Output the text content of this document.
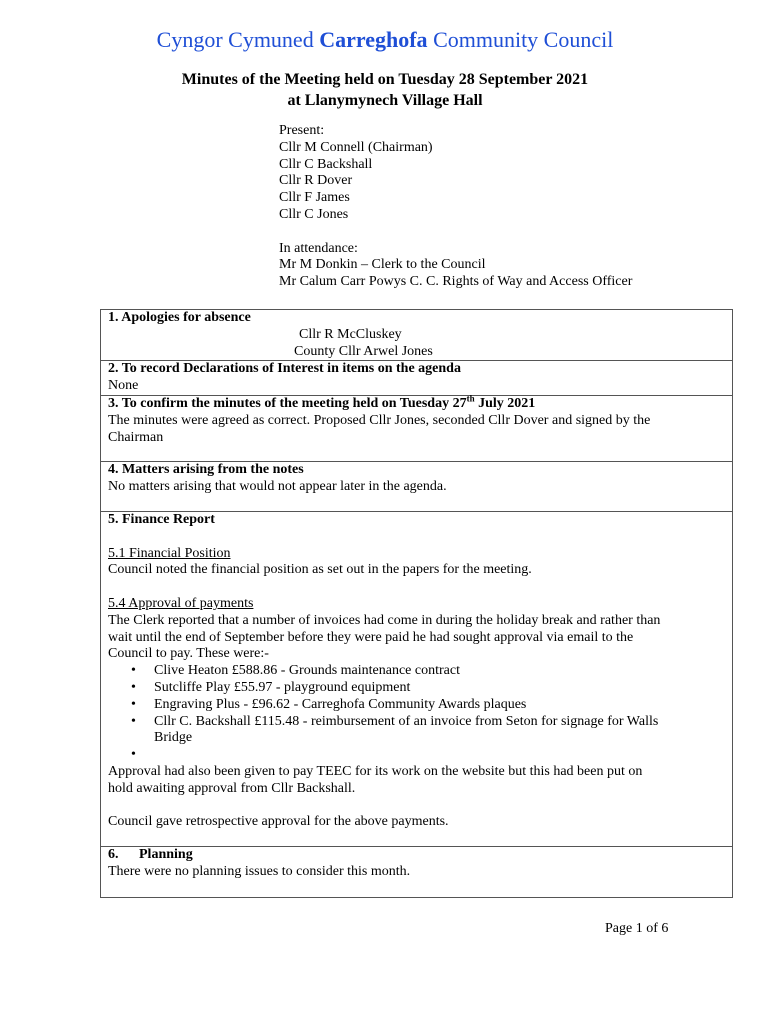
Cyngor Cymuned Carreghofa Community Council
Minutes of the Meeting held on Tuesday 28 September 2021
at Llanymynech Village Hall
Present:
Cllr M Connell (Chairman)
Cllr C Backshall
Cllr R Dover
Cllr F James
Cllr C Jones
In attendance:
Mr M Donkin – Clerk to the Council
Mr Calum Carr Powys C. C. Rights of Way and Access Officer
1. Apologies for absence
Cllr R McCluskey
County Cllr Arwel Jones

2. To record Declarations of Interest in items on the agenda
None

3. To confirm the minutes of the meeting held on Tuesday 27th July 2021
The minutes were agreed as correct. Proposed Cllr Jones, seconded Cllr Dover and signed by the
Chairman

4. Matters arising from the notes
No matters arising that would not appear later in the agenda.

5. Finance Report
5.1 Financial Position
Council noted the financial position as set out in the papers for the meeting.
5.4 Approval of payments
The Clerk reported that a number of invoices had come in during the holiday break and rather than
wait until the end of September before they were paid he had sought approval via email to the
Council to pay. These were:-
• Clive Heaton £588.86 - Grounds maintenance contract
• Sutcliffe Play £55.97 - playground equipment
• Engraving Plus - £96.62 - Carreghofa Community Awards plaques
• Cllr C. Backshall £115.48 - reimbursement of an invoice from Seton for signage for Walls
Bridge
•
Approval had also been given to pay TEEC for its work on the website but this had been put on
hold awaiting approval from Cllr Backshall.
Council gave retrospective approval for the above payments.

6. Planning
There were no planning issues to consider this month.
Page 1 of 6
